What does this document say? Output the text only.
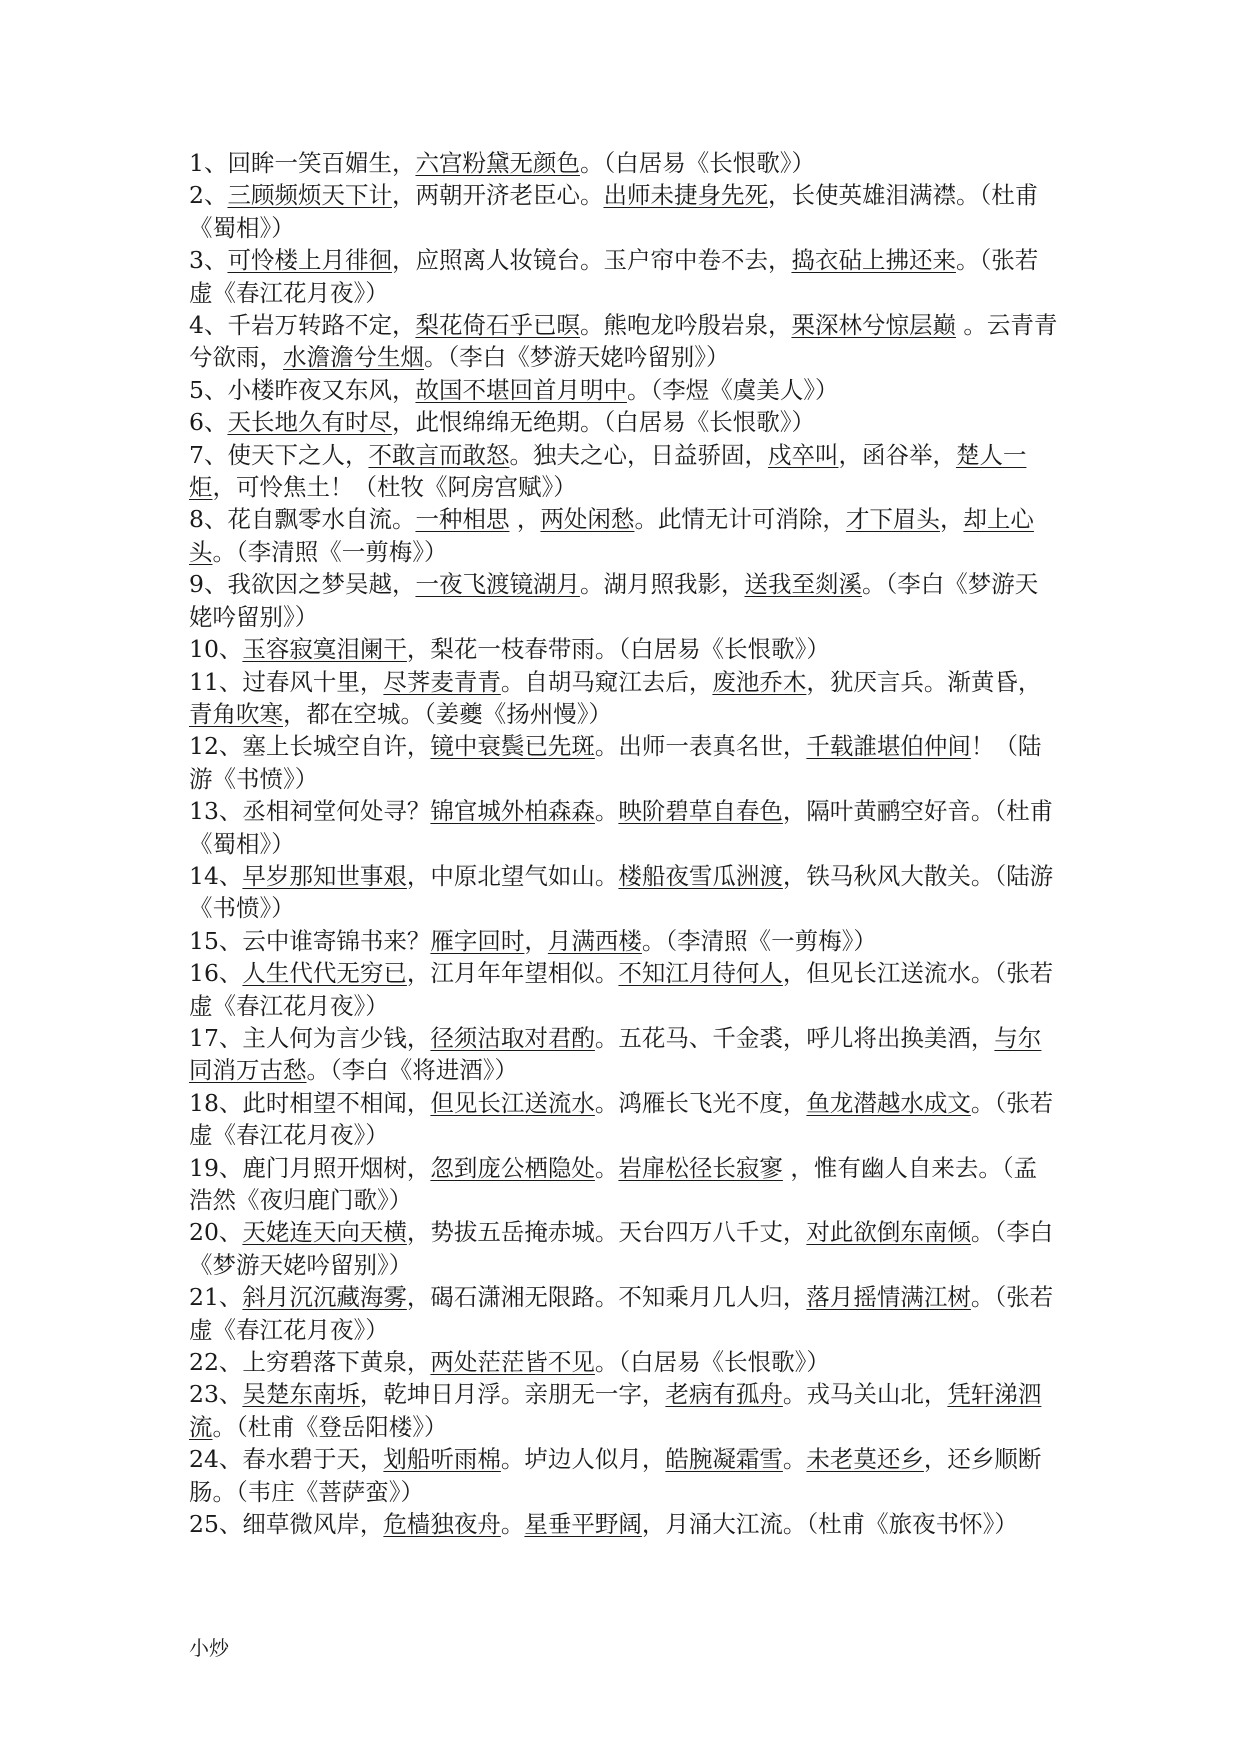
1、回眸一笑百媚生，六宫粉黛无颜色。（白居易《长恨歌》）

2、三顾频烦天下计，两朝开济老臣心。出师未捷身先死，长使英雄泪满襟。（杜甫《蜀相》）

3、可怜楼上月徘徊，应照离人妆镜台。玉户帘中卷不去，捣衣砧上拂还来。（张若虚《春江花月夜》）

4、千岩万转路不定，梨花倚石乎已暝。熊咆龙吟殷岩泉，栗深林兮惊层巅 。云青青兮欲雨，水澹澹兮生烟。（李白《梦游天姥吟留别》）

5、小楼昨夜又东风，故国不堪回首月明中。（李煜《虞美人》）

6、天长地久有时尽，此恨绵绵无绝期。（白居易《长恨歌》）

7、使天下之人，不敢言而敢怒。独夫之心，日益骄固，戍卒叫，函谷举，楚人一炬，可怜焦土！（杜牧《阿房宫赋》）

8、花自飘零水自流。一种相思 ，两处闲愁。此情无计可消除，才下眉头，却上心头。（李清照《一剪梅》）

9、我欲因之梦吴越，一夜飞渡镜湖月。湖月照我影，送我至剡溪。（李白《梦游天姥吟留别》）

10、玉容寂寞泪阑干，梨花一枝春带雨。（白居易《长恨歌》）

11、过春风十里，尽荠麦青青。自胡马窥江去后，废池乔木，犹厌言兵。渐黄昏，青角吹寒，都在空城。（姜夔《扬州慢》）

12、塞上长城空自许，镜中衰鬓已先斑。出师一表真名世，千载誰堪伯仲间！（陆游《书愤》）

13、丞相祠堂何处寻？锦官城外柏森森。映阶碧草自春色，隔叶黄鹂空好音。（杜甫《蜀相》）

14、早岁那知世事艰，中原北望气如山。楼船夜雪瓜洲渡，铁马秋风大散关。（陆游《书愤》）

15、云中谁寄锦书来？雁字回时，月满西楼。（李清照《一剪梅》）

16、人生代代无穷已，江月年年望相似。不知江月待何人，但见长江送流水。（张若虚《春江花月夜》）

17、主人何为言少钱，径须沽取对君酌。五花马、千金裘，呼儿将出换美酒，与尔同消万古愁。（李白《将进酒》）

18、此时相望不相闻，但见长江送流水。鸿雁长飞光不度，鱼龙潜越水成文。（张若虚《春江花月夜》）

19、鹿门月照开烟树，忽到庞公栖隐处。岩扉松径长寂寥 ，惟有幽人自来去。（孟浩然《夜归鹿门歌》）

20、天姥连天向天横，势拔五岳掩赤城。天台四万八千丈，对此欲倒东南倾。（李白《梦游天姥吟留别》）

21、斜月沉沉藏海雾，碣石潇湘无限路。不知乘月几人归，落月摇情满江树。（张若虚《春江花月夜》）

22、上穷碧落下黄泉，两处茫茫皆不见。（白居易《长恨歌》）

23、吴楚东南坼，乾坤日月浮。亲朋无一字，老病有孤舟。戎马关山北，凭轩涕泗流。（杜甫《登岳阳楼》）

24、春水碧于天，划船听雨棉。垆边人似月，皓腕凝霜雪。未老莫还乡，还乡顺断肠。（韦庄《菩萨蛮》）

25、细草微风岸，危樯独夜舟。星垂平野阔，月涌大江流。（杜甫《旅夜书怀》）

小炒
